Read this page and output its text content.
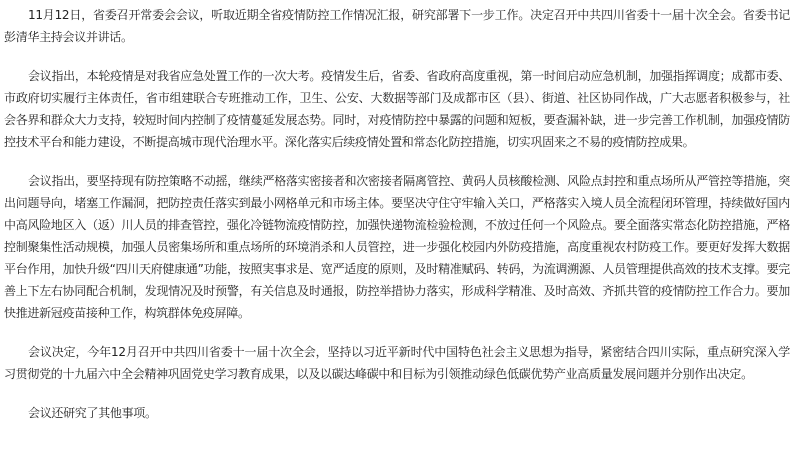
11月12日，省委召开常委会会议，听取近期全省疫情防控工作情况汇报，研究部署下一步工作。决定召开中共四川省委十一届十次全会。省委书记彭清华主持会议并讲话。

会议指出，本轮疫情是对我省应急处置工作的一次大考。疫情发生后，省委、省政府高度重视，第一时间启动应急机制，加强指挥调度；成都市委、市政府切实履行主体责任，省市组建联合专班推动工作，卫生、公安、大数据等部门及成都市区（县）、街道、社区协同作战，广大志愿者积极参与，社会各界和群众大力支持，较短时间内控制了疫情蔓延发展态势。同时，对疫情防控中暴露的问题和短板，要查漏补缺，进一步完善工作机制，加强疫情防控技术平台和能力建设，不断提高城市现代治理水平。深化落实后续疫情处置和常态化防控措施，切实巩固来之不易的疫情防控成果。

会议指出，要坚持现有防控策略不动摇，继续严格落实密接者和次密接者隔离管控、黄码人员核酸检测、风险点封控和重点场所从严管控等措施，突出问题导向，堵塞工作漏洞，把防控责任落实到最小网格单元和市场主体。要坚决守住守牢输入关口，严格落实入境人员全流程闭环管理，持续做好国内中高风险地区入（返）川人员的排查管控，强化冷链物流疫情防控，加强快递物流检验检测，不放过任何一个风险点。要全面落实常态化防控措施，严格控制聚集性活动规模，加强人员密集场所和重点场所的环境消杀和人员管控，进一步强化校园内外防疫措施，高度重视农村防疫工作。要更好发挥大数据平台作用，加快升级“四川天府健康通”功能，按照実事求是、宽严适度的原则，及时精准赋码、转码，为流调溯源、人员管理提供高效的技术支撑。要完善上下左右协同配合机制，发现情况及时预警，有关信息及时通报，防控举措协力落实，形成科学精准、及时高效、齐抓共管的疫情防控工作合力。要加快推进新冠疫苗接种工作，构筑群体免疫屏障。

会议决定，今年12月召开中共四川省委十一届十次全会，坚持以习近平新时代中国特色社会主义思想为指导，紧密结合四川实际，重点研究深入学习贯彻党的十九届六中全会精神巩固党史学习教育成果，以及以碳达峰碳中和目标为引领推动绿色低碳优势产业高质量发展问题并分别作出决定。

会议还研究了其他事项。
